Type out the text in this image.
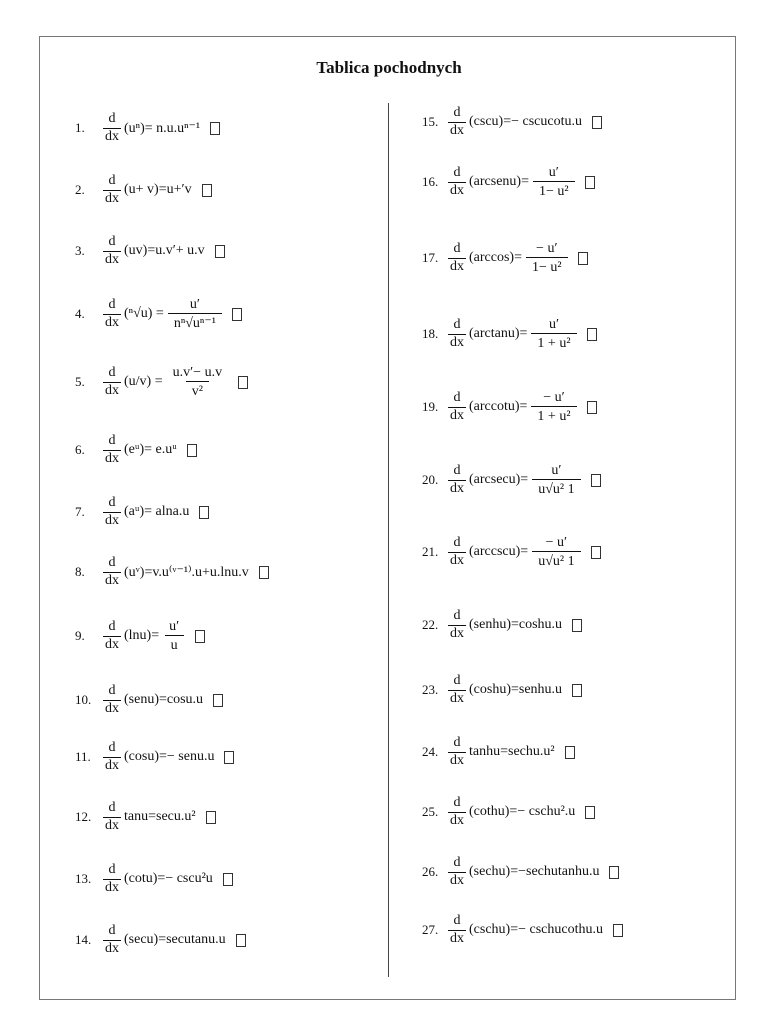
Tablica pochodnych
1.	$\frac{d}{dx} (u^n)= n.u.u^{n-1}$
2.	$\frac{d}{dx} (u+ v)=u+'v$
3.	$\frac{d}{dx} (uv)=u.v'+ u.v$
4.	$\frac{d}{dx} (^n√u) = \frac{u'}{\text{nⁿ√uⁿ⁻¹}}$
5.	$\frac{d}{dx} (u/v) = \frac{u.v'- u.v}{\text{v²}}$
6.	$\frac{d}{dx}$ (eᵘ)= e.uᵘ
7.	$\frac{d}{dx}$ (aᵘ)= alna.u
8.	$\frac{d}{dx}$ (uᵛ)=v.u⁽ᵛ⁻¹⁾.u+u.lnu.v
9.	$\frac{d}{dx} (\ln u)= \frac{u'}{u}$
10. $\frac{d}{dx}$ (senu)=cosu.u
11. $\frac{d}{dx} (\cos u)=-$ senu.u
12. $\frac{d}{dx} \tan u=\sec u.u^2$
13. $\frac{d}{dx} (\cot u)=- \csc u^2u$
14. $\frac{d}{dx}$ (secu)=secutanu.u
15. $\frac{d}{dx} (\csc u)=-$ cscucotu.u
16. $\frac{d}{dx}$ (arcsenu)= $\frac{u'}{\text{1− u²}}$
17. $\frac{d}{dx} (\arccos)= \frac{- u'}{\text{1− u²}}$
18. $\frac{d}{dx} (\arctan u)= \frac{u'}{\text{1 + u²}}$
19. $\frac{d}{dx} (arccotu)= \frac{- u'}{\text{1 + u²}}$
20. $\frac{d}{dx} (arcsecu)= \frac{u'}{\text{u√u² 1}}$
21. $\frac{d}{dx} (arccscu)= \frac{- u'}{\text{u√u² 1}}$
22. $\frac{d}{dx}$ (senhu)=coshu.u
23. $\frac{d}{dx}$ (coshu)=senhu.u
24. $\frac{d}{dx}$ tanhu=sechu.u²
25. $\frac{d}{dx}$ (cothu)=− cschu².u
26. $\frac{d}{dx}$ (sechu)=−sechutanhu.u
27. $\frac{d}{dx}$ (cschu)=− cschucothu.u
